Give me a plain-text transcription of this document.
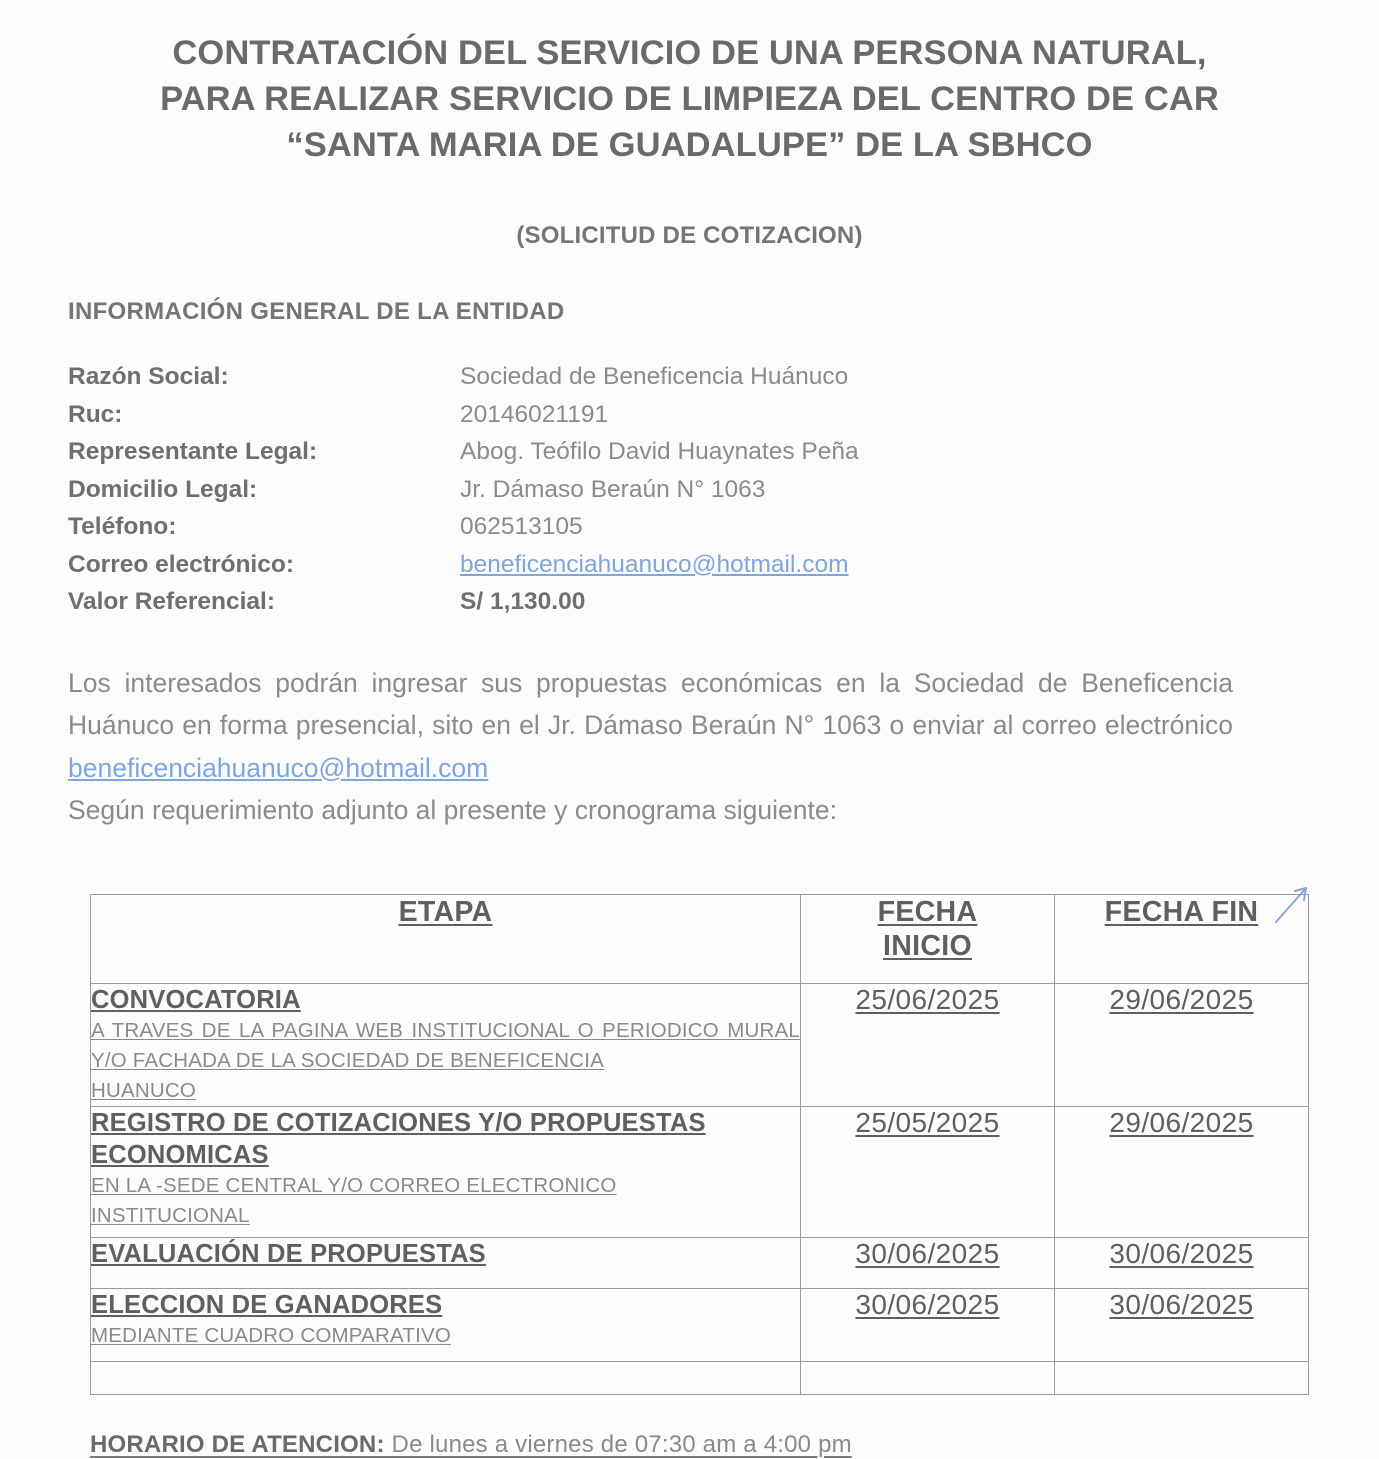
CONTRATACIÓN DEL SERVICIO DE UNA PERSONA NATURAL,
PARA REALIZAR SERVICIO DE LIMPIEZA DEL CENTRO DE CAR
“SANTA MARIA DE GUADALUPE” DE LA SBHCO

(SOLICITUD DE COTIZACION)

INFORMACIÓN GENERAL DE LA ENTIDAD
Razón Social:	Sociedad de Beneficencia Huánuco
Ruc:	20146021191
Representante Legal:	Abog. Teófilo David Huaynates Peña
Domicilio Legal:	Jr. Dámaso Beraún N° 1063
Teléfono:	062513105
Correo electrónico:	beneficenciahuanuco@hotmail.com
Valor Referencial:	S/ 1,130.00

Los interesados podrán ingresar sus propuestas económicas en la Sociedad de Beneficencia Huánuco en forma presencial, sito en el Jr. Dámaso Beraún N° 1063 o enviar al correo electrónico beneficenciahuanuco@hotmail.com
Según requerimiento adjunto al presente y cronograma siguiente:

ETAPA	FECHA INICIO	FECHA FIN
CONVOCATORIA

A TRAVES DE LA PAGINA WEB INSTITUCIONAL O PERIODICO MURAL Y/O FACHADA DE LA SOCIEDAD DE BENEFICENCIA

HUANUCO	25/06/2025	29/06/2025
REGISTRO DE COTIZACIONES Y/O PROPUESTAS ECONOMICAS

EN LA -SEDE CENTRAL Y/O CORREO ELECTRONICO

INSTITUCIONAL	25/05/2025	29/06/2025
EVALUACIÓN DE PROPUESTAS	30/06/2025	30/06/2025
ELECCION DE GANADORES

MEDIANTE CUADRO COMPARATIVO	30/06/2025	30/06/2025

HORARIO DE ATENCION: De lunes a viernes de 07:30 am a 4:00 pm
